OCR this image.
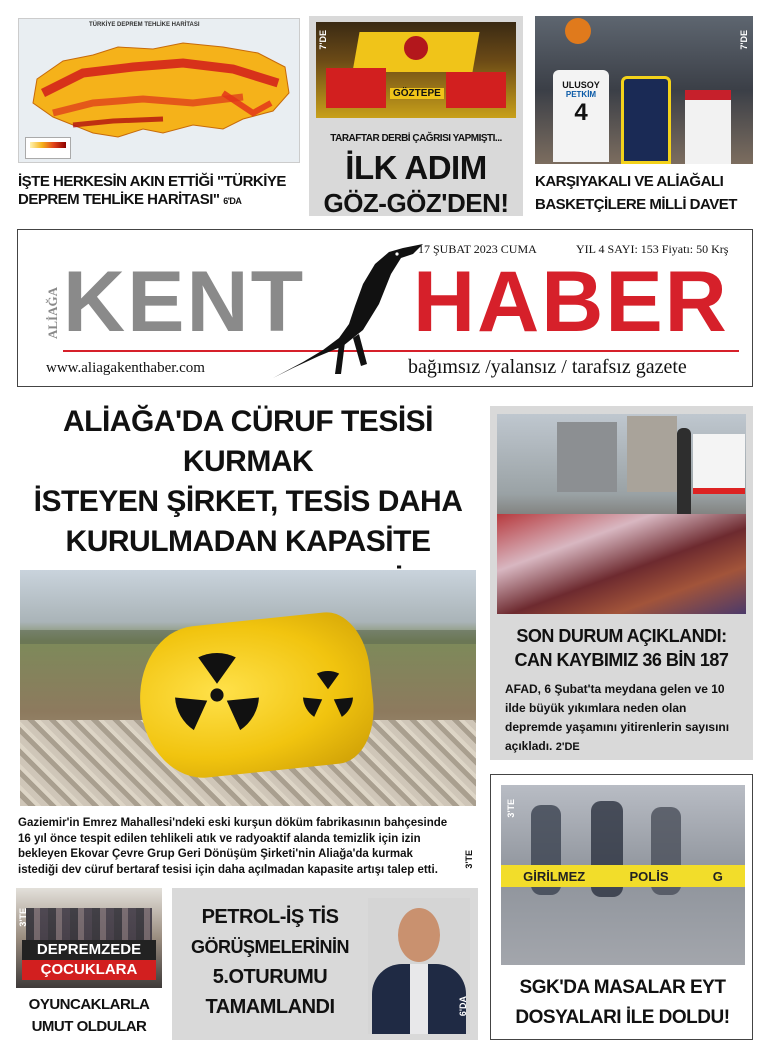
TÜRKİYE DEPREM TEHLİKE HARİTASI
İŞTE HERKESİN AKIN ETTİĞİ "TÜRKİYE DEPREM TEHLİKE HARİTASI" 6'DA
GÖZTEPE
7'DE
TARAFTAR DERBİ ÇAĞRISI YAPMIŞTI...
İLK ADIM
GÖZ-GÖZ'DEN!
ULUSOY
PETKİM
4
7'DE
KARŞIYAKALI VE ALİAĞALI BASKETÇİLERE MİLLİ DAVET
17 ŞUBAT 2023 CUMA	YIL 4 SAYI: 153 Fiyatı: 50 Krş
ALİAĞA KENT HABER
www.aliagakenthaber.com	bağımsız /yalansız / tarafsız gazete
ALİAĞA'DA CÜRUF TESİSİ KURMAK
İSTEYEN ŞİRKET, TESİS DAHA
KURULMADAN KAPASİTE
Gaziemir'in Emrez Mahallesi'ndeki eski kurşun döküm fabrikasının bahçesinde 16 yıl önce tespit edilen tehlikeli atık ve radyoaktif alanda temizlik için izin bekleyen Ekovar Çevre Grup Geri Dönüşüm Şirketi'nin Aliağa'da kurmak istediği dev cüruf bertaraf tesisi için daha açılmadan kapasite artışı talep etti.
3'TE
SON DURUM AÇIKLANDI:
CAN KAYBIMIZ 36 BİN 187
AFAD, 6 Şubat'ta meydana gelen ve 10 ilde büyük yıkımlara neden olan depremde yaşamını yitirenlerin sayısını açıkladı. 2'DE
GİRİLMEZ	POLİS	G
3'TE
SGK'DA MASALAR EYT
DOSYALARI İLE DOLDU!
DEPREMZEDE
ÇOCUKLARA
3'TE
OYUNCAKLARLA
UMUT OLDULAR
PETROL-İŞ TİS
GÖRÜŞMELERİNİN
5.OTURUMU
TAMAMLANDI	6'DA
